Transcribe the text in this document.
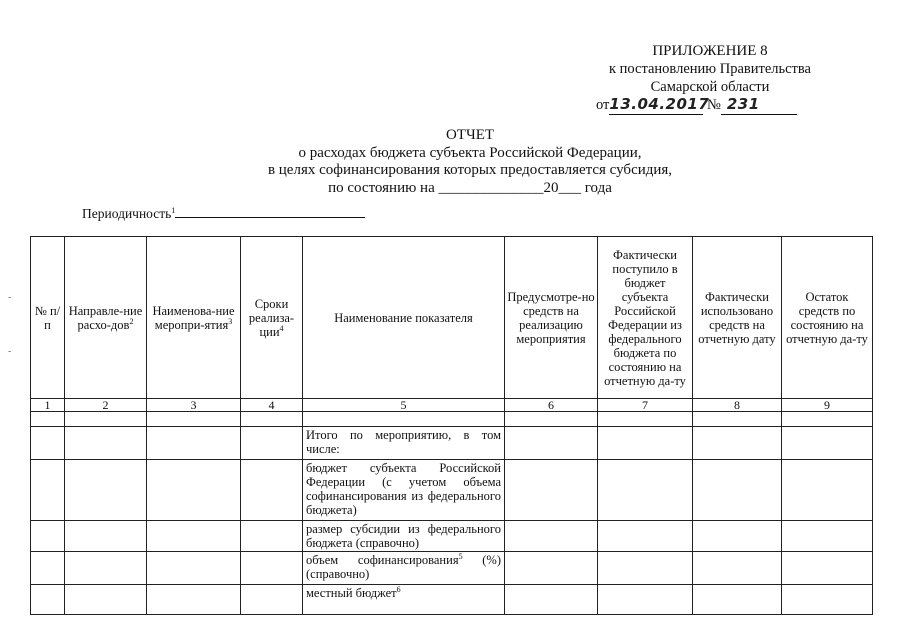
ПРИЛОЖЕНИЕ 8
к постановлению Правительства
Самарской области
от13.04.2017 № 231
ОТЧЕТ
о расходах бюджета субъекта Российской Федерации,
в целях софинансирования которых предоставляется субсидия,
по состоянию на ______________20___ года
Периодичность$^1$
-
-
№ п/п	Направле-ние расхо-дов$^2$	Наименова-ние меропри-ятия$^3$	Сроки реализа-ции$^4$	Наименование показателя	Предусмотре-но средств на реализацию мероприятия	Фактически поступило в бюджет субъекта Российской Федерации из федерального бюджета по состоянию на отчетную да-ту	Фактически использовано средств на отчетную дату	Остаток средств по состоянию на отчетную да-ту
1	2	3	4	5	6	7	8	9

				Итого по мероприятию, в том числе:				
				бюджет субъекта Российской Федерации (с учетом объема софинансирования из федерального бюджета)				
				размер субсидии из федерального бюджета (справочно)				
				объем софинансирования$^5$ (%) (справочно)				
				местный бюджет$^6$				
